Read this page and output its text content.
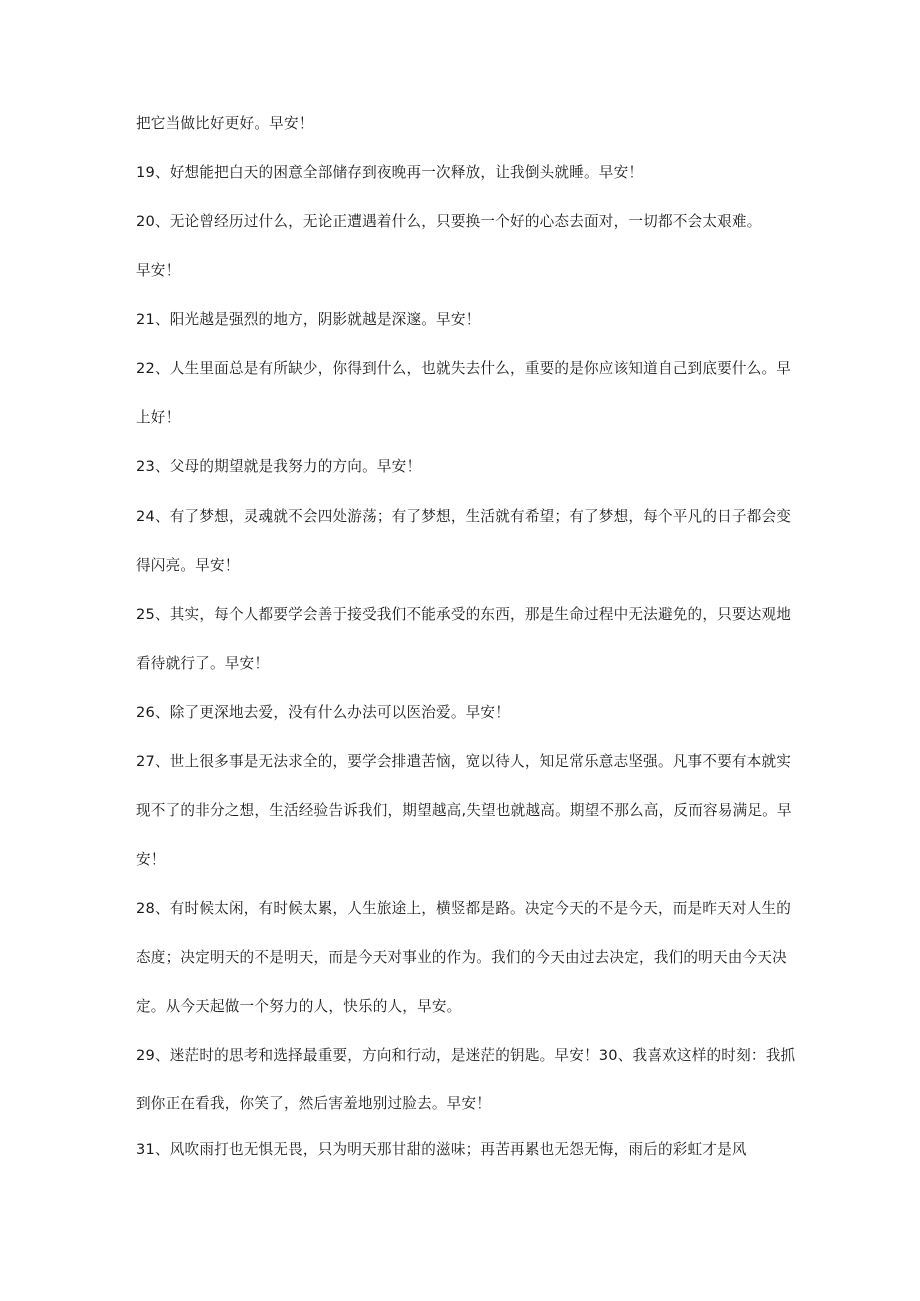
把它当做比好更好。早安！
19、好想能把白天的困意全部储存到夜晚再一次释放，让我倒头就睡。早安！
20、无论曾经历过什么，无论正遭遇着什么，只要换一个好的心态去面对，一切都不会太艰难。
早安！
21、阳光越是强烈的地方，阴影就越是深邃。早安！
22、人生里面总是有所缺少，你得到什么，也就失去什么，重要的是你应该知道自己到底要什么。早
上好！
23、父母的期望就是我努力的方向。早安！
24、有了梦想，灵魂就不会四处游荡；有了梦想，生活就有希望；有了梦想，每个平凡的日子都会变
得闪亮。早安！
25、其实，每个人都要学会善于接受我们不能承受的东西，那是生命过程中无法避免的，只要达观地
看待就行了。早安！
26、除了更深地去爱，没有什么办法可以医治爱。早安！
27、世上很多事是无法求全的，要学会排遣苦恼，宽以待人，知足常乐意志坚强。凡事不要有本就实
现不了的非分之想，生活经验告诉我们，期望越高,失望也就越高。期望不那么高，反而容易满足。早
安！
28、有时候太闲，有时候太累，人生旅途上，横竖都是路。决定今天的不是今天，而是昨天对人生的
态度；决定明天的不是明天，而是今天对事业的作为。我们的今天由过去决定，我们的明天由今天决
定。从今天起做一个努力的人，快乐的人，早安。
29、迷茫时的思考和选择最重要，方向和行动，是迷茫的钥匙。早安！30、我喜欢这样的时刻：我抓
到你正在看我，你笑了，然后害羞地别过脸去。早安！
31、风吹雨打也无惧无畏，只为明天那甘甜的滋味；再苦再累也无怨无悔，雨后的彩虹才是风
